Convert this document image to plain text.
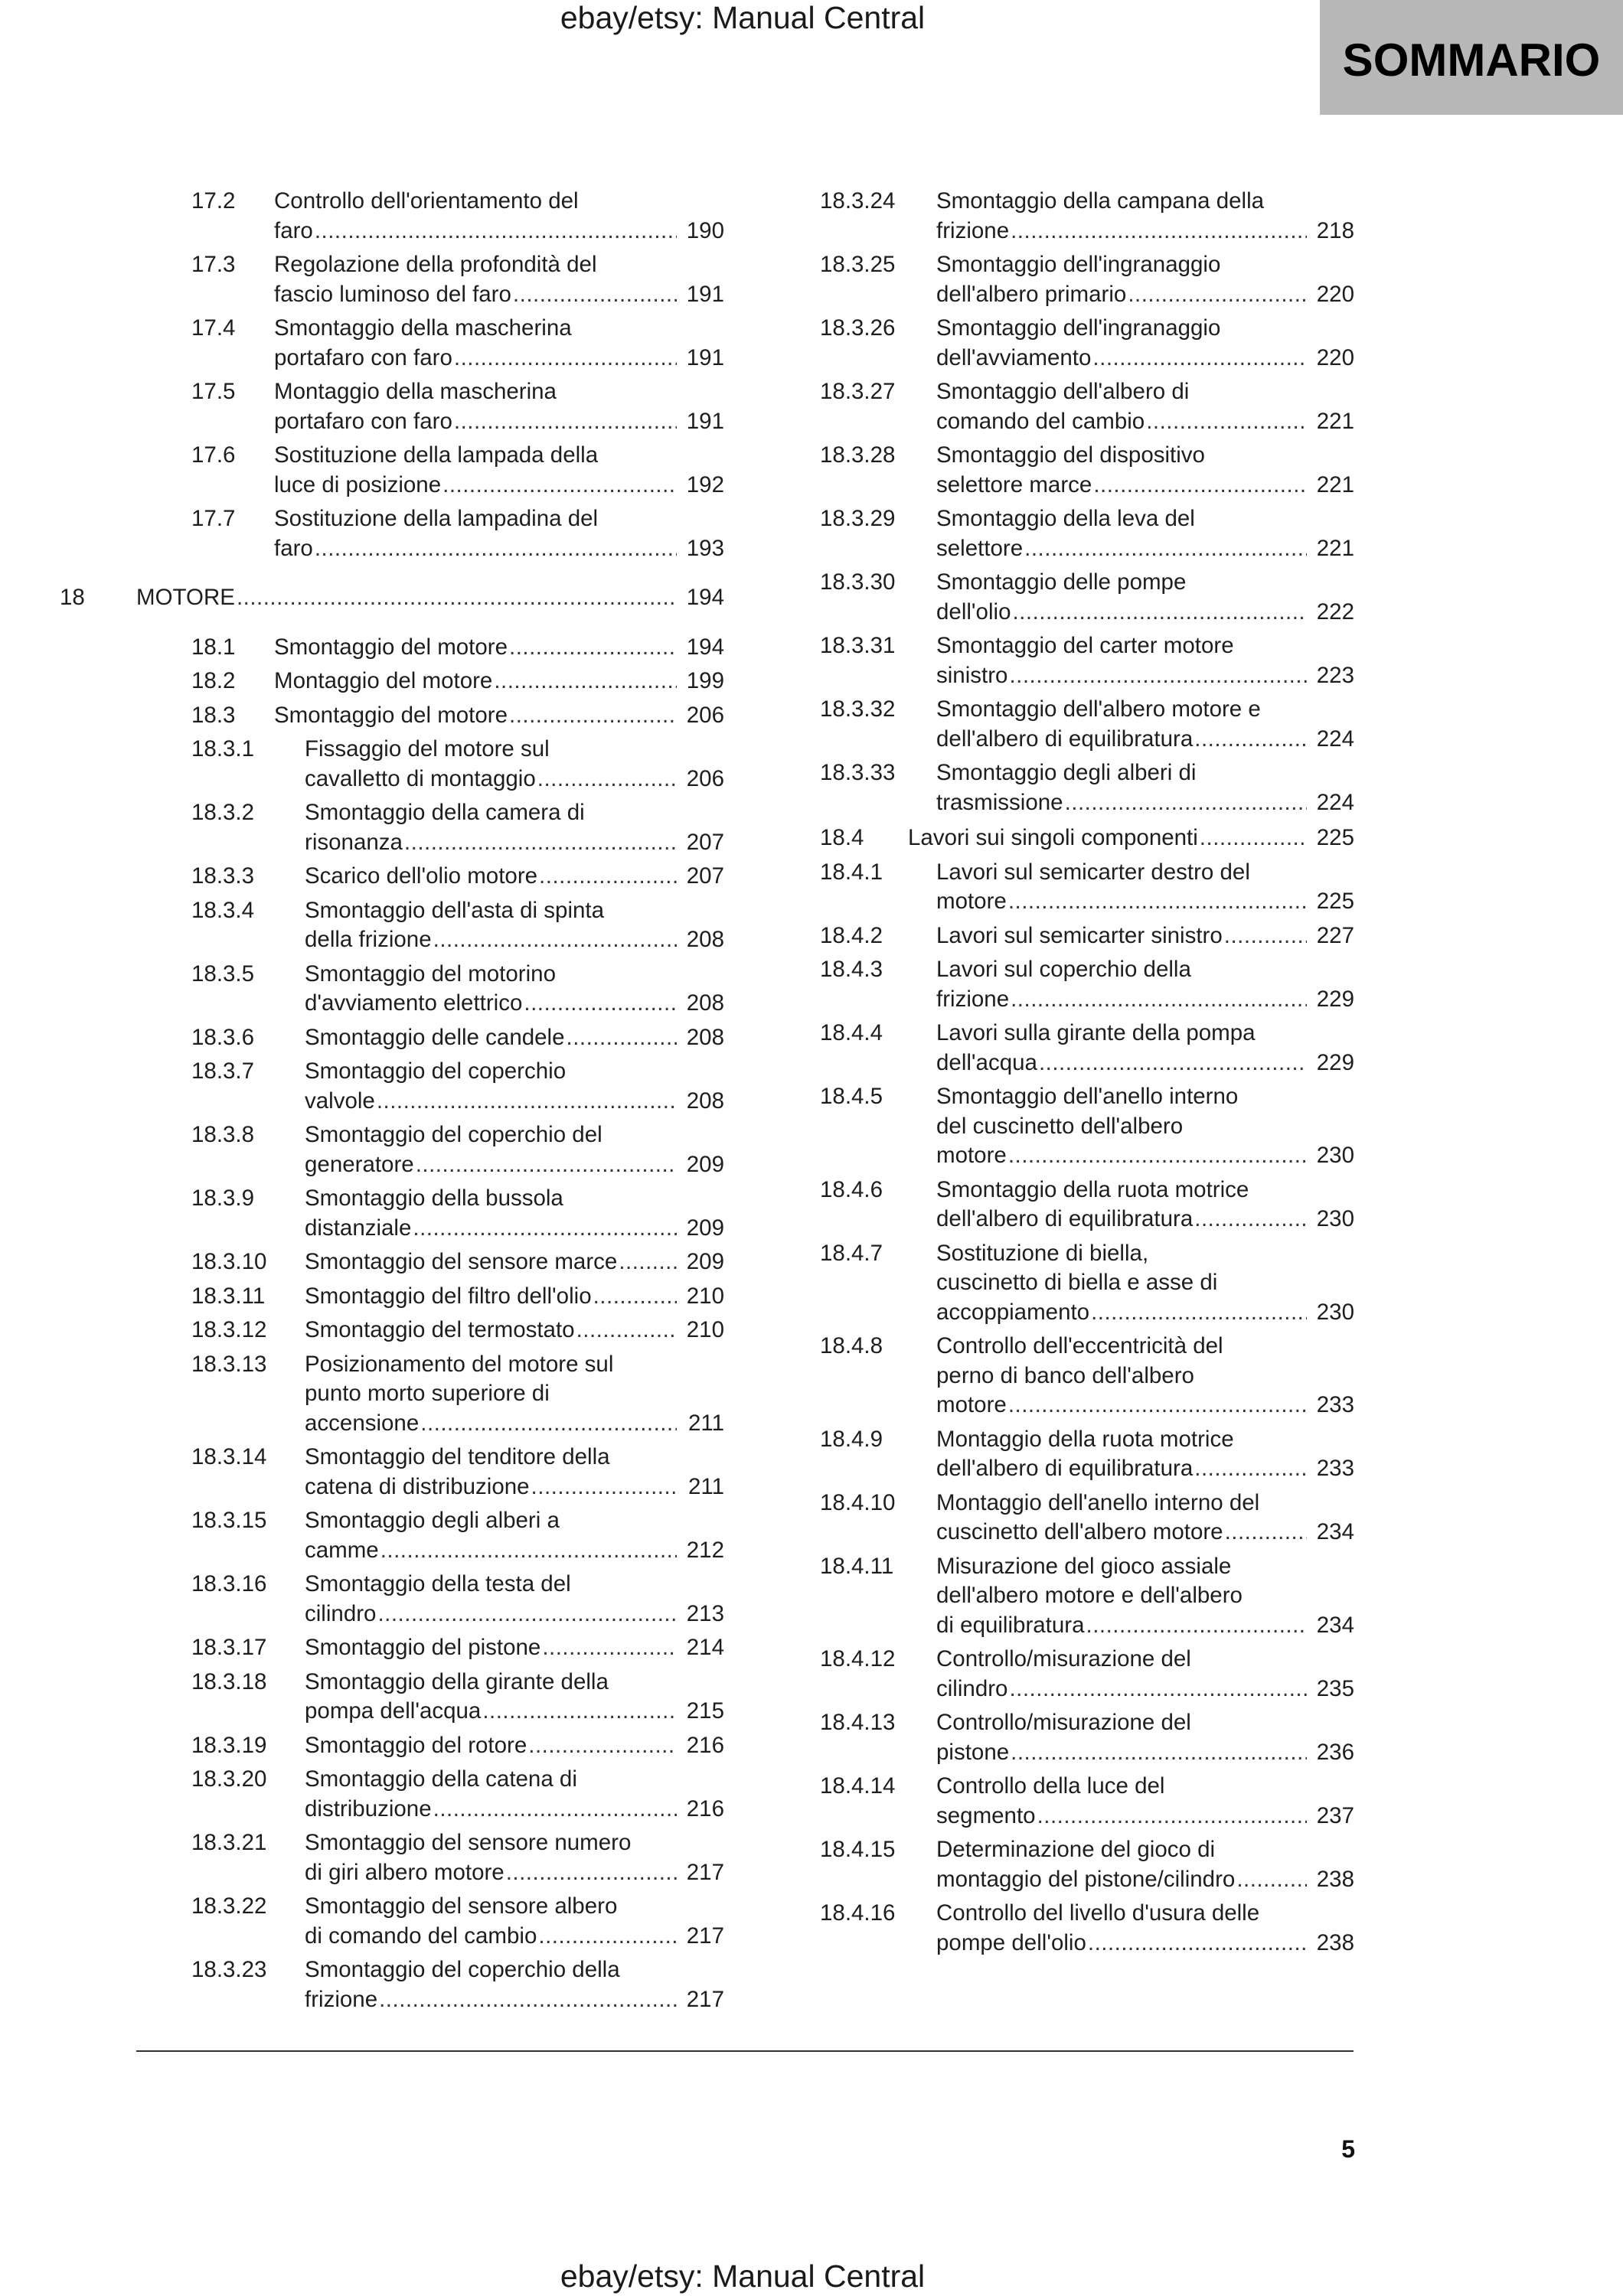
ebay/etsy: Manual Central
SOMMARIO
17.2 Controllo dell'orientamento del
faro .....	190
17.3 Regolazione della profondità del
fascio luminoso del faro .....	191
17.4 Smontaggio della mascherina
portafaro con faro .....	191
17.5 Montaggio della mascherina
portafaro con faro .....	191
17.6 Sostituzione della lampada della
luce di posizione .....	192
17.7 Sostituzione della lampadina del
faro .....	193
18 MOTORE .....	194
18.1 Smontaggio del motore .....	194
18.2 Montaggio del motore .....	199
18.3 Smontaggio del motore .....	206
18.3.1 Fissaggio del motore sul
cavalletto di montaggio .....	206
18.3.2 Smontaggio della camera di
risonanza .....	207
18.3.3 Scarico dell'olio motore .....	207
18.3.4 Smontaggio dell'asta di spinta
della frizione .....	208
18.3.5 Smontaggio del motorino
d'avviamento elettrico .....	208
18.3.6 Smontaggio delle candele .....	208
18.3.7 Smontaggio del coperchio
valvole .....	208
18.3.8 Smontaggio del coperchio del
generatore .....	209
18.3.9 Smontaggio della bussola
distanziale .....	209
18.3.10 Smontaggio del sensore marce .....	209
18.3.11 Smontaggio del filtro dell'olio .....	210
18.3.12 Smontaggio del termostato .....	210
18.3.13 Posizionamento del motore sul
punto morto superiore di
accensione .....	211
18.3.14 Smontaggio del tenditore della
catena di distribuzione .....	211
18.3.15 Smontaggio degli alberi a
camme .....	212
18.3.16 Smontaggio della testa del
cilindro .....	213
18.3.17 Smontaggio del pistone .....	214
18.3.18 Smontaggio della girante della
pompa dell'acqua .....	215
18.3.19 Smontaggio del rotore .....	216
18.3.20 Smontaggio della catena di
distribuzione .....	216
18.3.21 Smontaggio del sensore numero
di giri albero motore .....	217
18.3.22 Smontaggio del sensore albero
di comando del cambio .....	217
18.3.23 Smontaggio del coperchio della
frizione .....	217
18.3.24 Smontaggio della campana della
frizione .....	218
18.3.25 Smontaggio dell'ingranaggio
dell'albero primario .....	220
18.3.26 Smontaggio dell'ingranaggio
dell'avviamento .....	220
18.3.27 Smontaggio dell'albero di
comando del cambio .....	221
18.3.28 Smontaggio del dispositivo
selettore marce .....	221
18.3.29 Smontaggio della leva del
selettore .....	221
18.3.30 Smontaggio delle pompe
dell'olio .....	222
18.3.31 Smontaggio del carter motore
sinistro .....	223
18.3.32 Smontaggio dell'albero motore e
dell'albero di equilibratura .....	224
18.3.33 Smontaggio degli alberi di
trasmissione .....	224
18.4 Lavori sui singoli componenti .....	225
18.4.1 Lavori sul semicarter destro del
motore .....	225
18.4.2 Lavori sul semicarter sinistro .....	227
18.4.3 Lavori sul coperchio della
frizione .....	229
18.4.4 Lavori sulla girante della pompa
dell'acqua .....	229
18.4.5 Smontaggio dell'anello interno
del cuscinetto dell'albero
motore .....	230
18.4.6 Smontaggio della ruota motrice
dell'albero di equilibratura .....	230
18.4.7 Sostituzione di biella,
cuscinetto di biella e asse di
accoppiamento .....	230
18.4.8 Controllo dell'eccentricità del
perno di banco dell'albero
motore .....	233
18.4.9 Montaggio della ruota motrice
dell'albero di equilibratura .....	233
18.4.10 Montaggio dell'anello interno del
cuscinetto dell'albero motore .....	234
18.4.11 Misurazione del gioco assiale
dell'albero motore e dell'albero
di equilibratura .....	234
18.4.12 Controllo/misurazione del
cilindro .....	235
18.4.13 Controllo/misurazione del
pistone .....	236
18.4.14 Controllo della luce del
segmento .....	237
18.4.15 Determinazione del gioco di
montaggio del pistone/cilindro .....	238
18.4.16 Controllo del livello d'usura delle
pompe dell'olio .....	238
5
ebay/etsy: Manual Central
